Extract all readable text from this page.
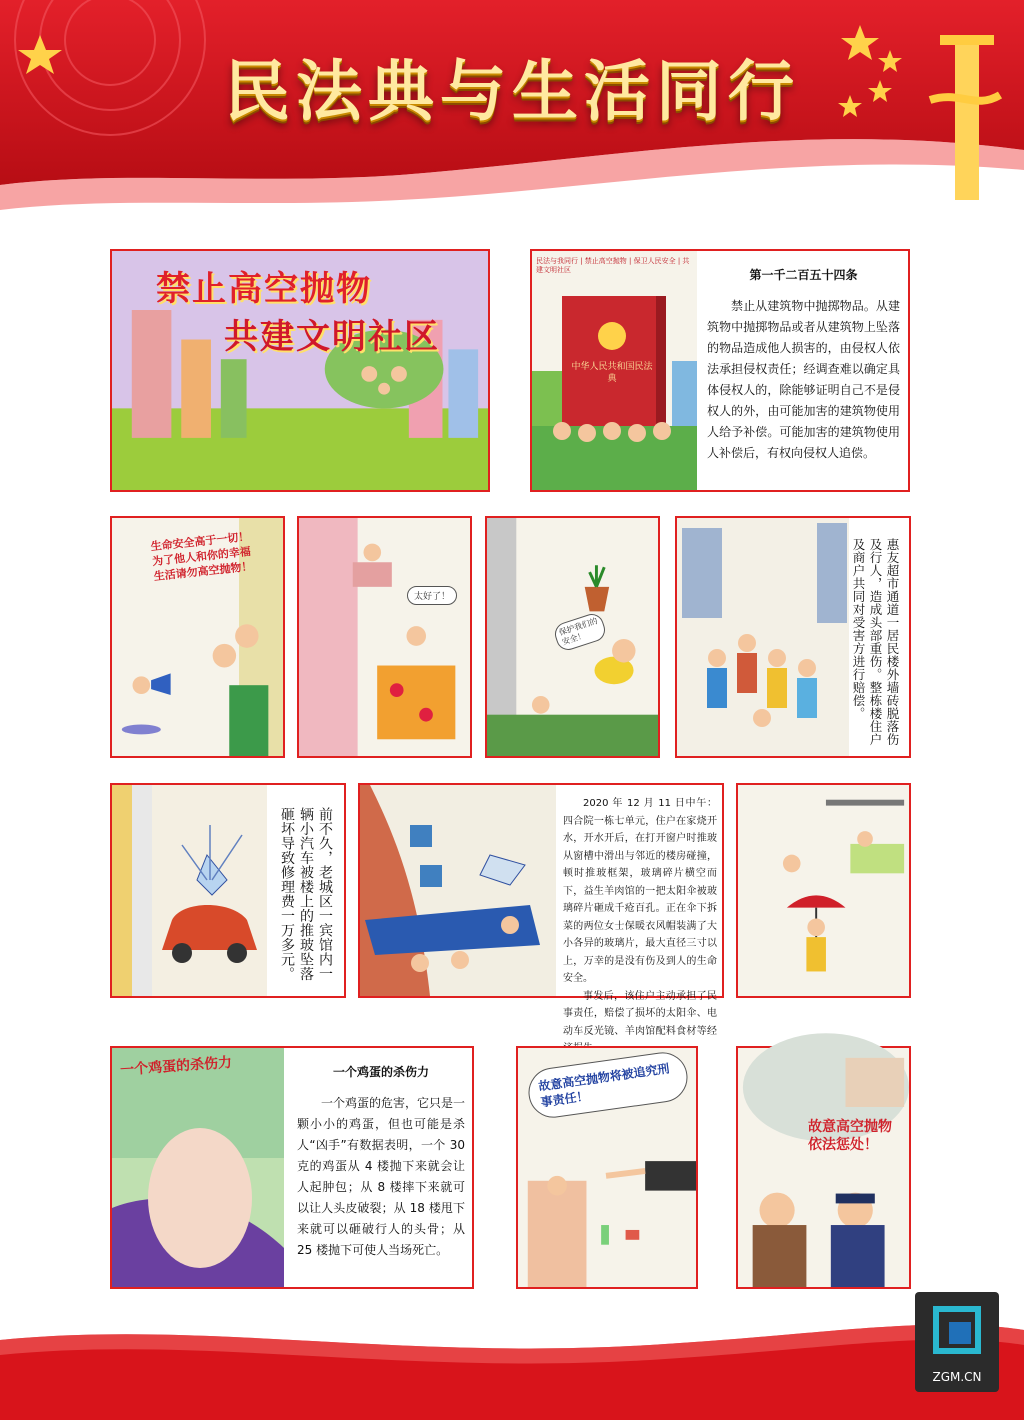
民法典与生活同行
禁止高空抛物
共建文明社区
中华人民共和国民法典
民法与我同行 | 禁止高空抛物 | 保卫人民安全 | 共建文明社区	第一千二百五十四条

禁止从建筑物中抛掷物品。从建筑物中抛掷物品或者从建筑物上坠落的物品造成他人损害的，由侵权人依法承担侵权责任；经调查难以确定具体侵权人的，除能够证明自己不是侵权人的外，由可能加害的建筑物使用人给予补偿。可能加害的建筑物使用人补偿后，有权向侵权人追偿。

生命安全高于一切！为了他人和你的幸福生活请勿高空抛物！
太好了！
保护我们的安全！	惠友超市通道一居民楼外墙砖脱落伤及行人，造成头部重伤。整栋楼住户及商户共同对受害方进行赔偿。
前不久，老城区一宾馆内一辆小汽车被楼上的推玻坠落砸坏导致修理费一万多元。

2020 年 12 月 11 日中午：四合院一栋七单元，住户在家烧开水，开水开后，在打开窗户时推玻从窗槽中滑出与邻近的楼房碰撞，顿时推玻框架，玻璃碎片横空而下，益生羊肉馆的一把太阳伞被玻璃碎片砸成千疮百孔。正在伞下拆菜的两位女士保暖衣风帽装满了大小各异的玻璃片，最大直径三寸以上，万幸的是没有伤及到人的生命安全。

事发后，该住户主动承担了民事责任，赔偿了损坏的太阳伞、电动车反光镜、羊肉馆配料食材等经

一个鸡蛋的杀伤力	一个鸡蛋的杀伤力

一个鸡蛋的危害，它只是一颗小小的鸡蛋，但也可能是杀人“凶手”有数据表明，一个 30 克的鸡蛋从 4 楼抛下来就会让人起肿包；从 8 楼摔下来就可以让人头皮破裂；从 18 楼甩下来就可以砸破行人的头骨；从 25 楼抛下可使人当场死亡。

故意高空抛物将被追究刑事责任！
故意高空抛物依法惩处！
ZGM.CN
